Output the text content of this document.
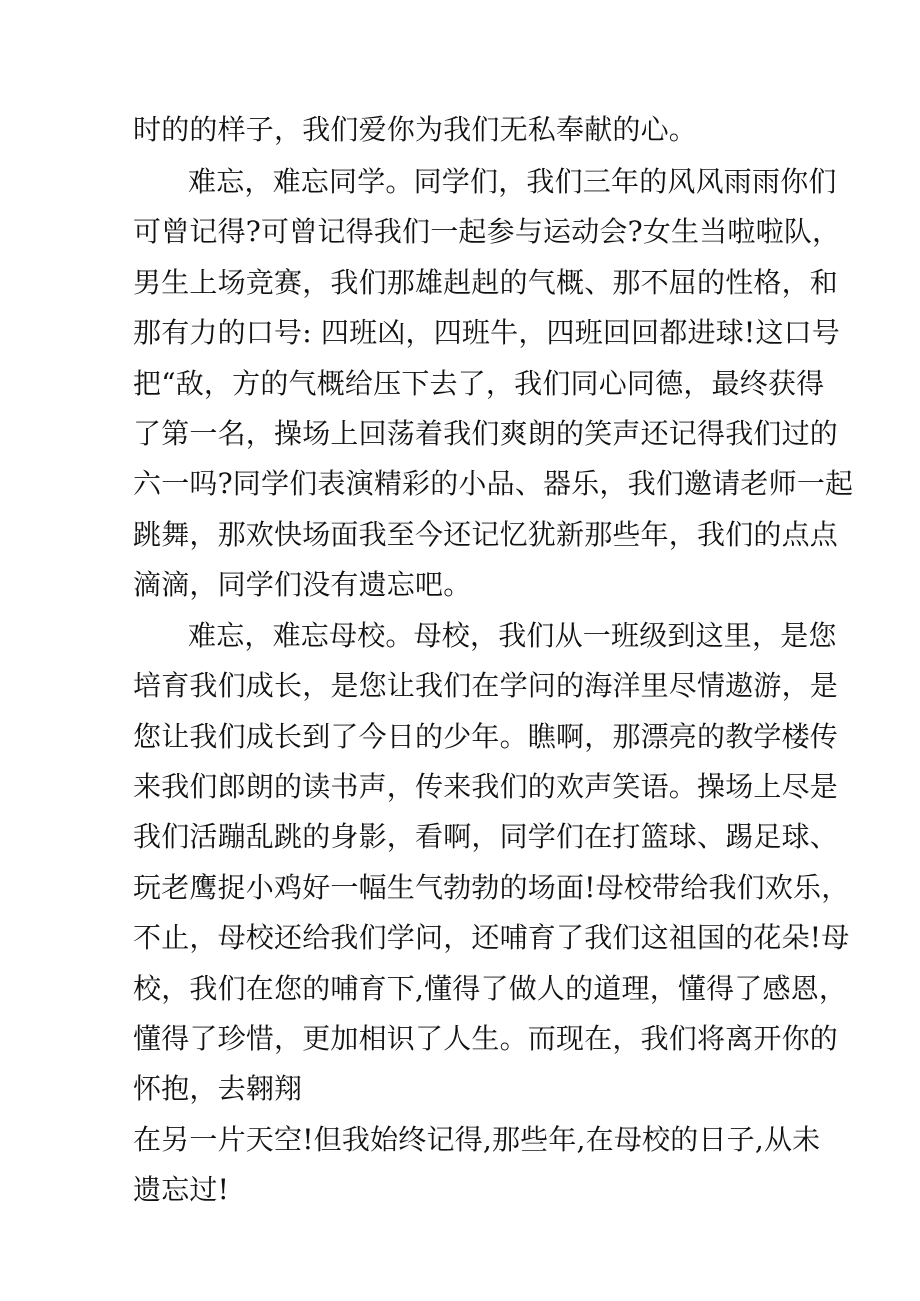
时的的样子，我们爱你为我们无私奉献的心。
难忘，难忘同学。同学们，我们三年的风风雨雨你们
可曾记得?可曾记得我们一起参与运动会?女生当啦啦队，
男生上场竞赛，我们那雄赳赳的气概、那不屈的性格，和
那有力的口号: 四班凶，四班牛，四班回回都进球!这口号
把“敌，方的气概给压下去了，我们同心同德，最终获得
了第一名，操场上回荡着我们爽朗的笑声还记得我们过的
六一吗?同学们表演精彩的小品、器乐，我们邀请老师一起
跳舞，那欢快场面我至今还记忆犹新那些年，我们的点点
滴滴，同学们没有遗忘吧。
难忘，难忘母校。母校，我们从一班级到这里，是您
培育我们成长，是您让我们在学问的海洋里尽情遨游，是
您让我们成长到了今日的少年。瞧啊，那漂亮的教学楼传
来我们郎朗的读书声，传来我们的欢声笑语。操场上尽是
我们活蹦乱跳的身影，看啊，同学们在打篮球、踢足球、
玩老鹰捉小鸡好一幅生气勃勃的场面!母校带给我们欢乐，
不止，母校还给我们学问，还哺育了我们这祖国的花朵!母
校，我们在您的哺育下,懂得了做人的道理，懂得了感恩，
懂得了珍惜，更加相识了人生。而现在，我们将离开你的
怀抱，去翱翔
在另一片天空!但我始终记得,那些年,在母校的日子,从未
遗忘过!
